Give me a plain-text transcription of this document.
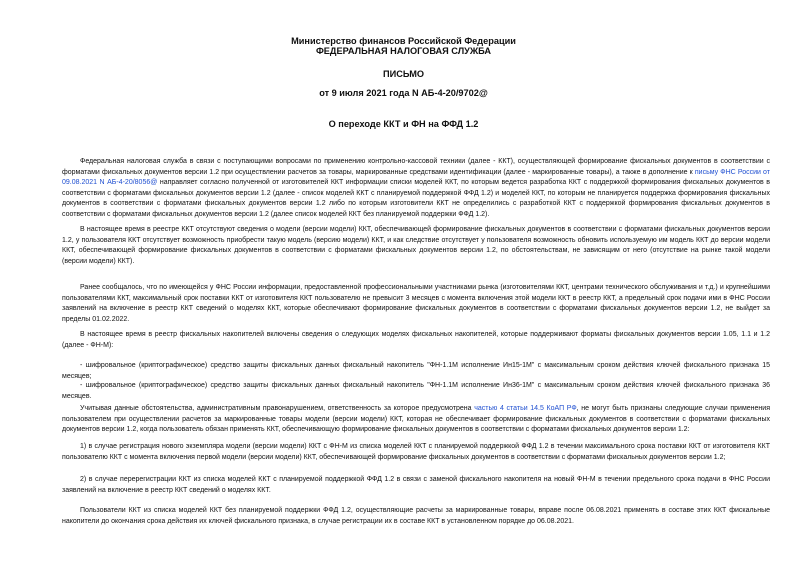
Министерство финансов Российской Федерации
ФЕДЕРАЛЬНАЯ НАЛОГОВАЯ СЛУЖБА
ПИСЬМО
от 9 июля 2021 года N АБ-4-20/9702@
О переходе ККТ и ФН на ФФД 1.2
Федеральная налоговая служба в связи с поступающими вопросами по применению контрольно-кассовой техники (далее - ККТ), осуществляющей формирование фискальных документов в соответствии с форматами фискальных документов версии 1.2 при осуществлении расчетов за товары, маркированные средствами идентификации (далее - маркированные товары), а также в дополнение к письму ФНС России от 09.08.2021 N АБ-4-20/8056@ направляет согласно полученной от изготовителей ККТ информации списки моделей ККТ, по которым ведется разработка ККТ с поддержкой формирования фискальных документов в соответствии с форматами фискальных документов версии 1.2 (далее - список моделей ККТ с планируемой поддержкой ФФД 1.2) и моделей ККТ, по которым не планируется поддержка формирования фискальных документов в соответствии с форматами фискальных документов версии 1.2 либо по которым изготовители ККТ не определились с разработкой ККТ с поддержкой формирования фискальных документов в соответствии с форматами фискальных документов версии 1.2 (далее список моделей ККТ без планируемой поддержки ФФД 1.2).
В настоящее время в реестре ККТ отсутствуют сведения о модели (версии модели) ККТ, обеспечивающей формирование фискальных документов в соответствии с форматами фискальных документов версии 1.2, у пользователя ККТ отсутствует возможность приобрести такую модель (версию модели) ККТ, и как следствие отсутствует у пользователя возможность обновить используемую им модель ККТ до версии модели ККТ, обеспечивающей формирование фискальных документов в соответствии с форматами фискальных документов версии 1.2, по обстоятельствам, не зависящим от него (отсутствие на рынке такой модели (версии модели) ККТ).
Ранее сообщалось, что по имеющейся у ФНС России информации, предоставленной профессиональными участниками рынка (изготовителями ККТ, центрами технического обслуживания и т.д.) и крупнейшими пользователями ККТ, максимальный срок поставки ККТ от изготовителя ККТ пользователю не превысит 3 месяцев с момента включения этой модели ККТ в реестр ККТ, а предельный срок подачи ими в ФНС России заявлений на включение в реестр ККТ сведений о моделях ККТ, которые обеспечивают формирование фискальных документов в соответствии с форматами фискальных документов версии 1.2, не выйдет за пределы 01.02.2022.
В настоящее время в реестр фискальных накопителей включены сведения о следующих моделях фискальных накопителей, которые поддерживают форматы фискальных документов версии 1.05, 1.1 и 1.2 (далее - ФН-М):
- шифровальное (криптографическое) средство защиты фискальных данных фискальный накопитель "ФН-1.1М исполнение Ин15-1М" с максимальным сроком действия ключей фискального признака 15 месяцев;
- шифровальное (криптографическое) средство защиты фискальных данных фискальный накопитель "ФН-1.1М исполнение Ин36-1М" с максимальным сроком действия ключей фискального признака 36 месяцев.
Учитывая данные обстоятельства, административным правонарушением, ответственность за которое предусмотрена частью 4 статьи 14.5 КоАП РФ, не могут быть признаны следующие случаи применения пользователем при осуществлении расчетов за маркированные товары модели (версии модели) ККТ, которая не обеспечивает формирование фискальных документов в соответствии с форматами фискальных документов версии 1.2, когда пользователь обязан применять ККТ, обеспечивающую формирование фискальных документов в соответствии с форматами фискальных документов версии 1.2:
1) в случае регистрация нового экземпляра модели (версии модели) ККТ с ФН-М из списка моделей ККТ с планируемой поддержкой ФФД 1.2 в течении максимального срока поставки ККТ от изготовителя ККТ пользователю ККТ с момента включения первой модели (версии модели) ККТ, обеспечивающей формирование фискальных документов в соответствии с форматами фискальных документов версии 1.2;
2) в случае перерегистрации ККТ из списка моделей ККТ с планируемой поддержкой ФФД 1.2 в связи с заменой фискального накопителя на новый ФН-М в течении предельного срока подачи в ФНС России заявлений на включение в реестр ККТ сведений о моделях ККТ.
Пользователи ККТ из списка моделей ККТ без планируемой поддержки ФФД 1.2, осуществляющие расчеты за маркированные товары, вправе после 06.08.2021 применять в составе этих ККТ фискальные накопители до окончания срока действия их ключей фискального признака, в случае регистрации их в составе ККТ в установленном порядке до 06.08.2021.
